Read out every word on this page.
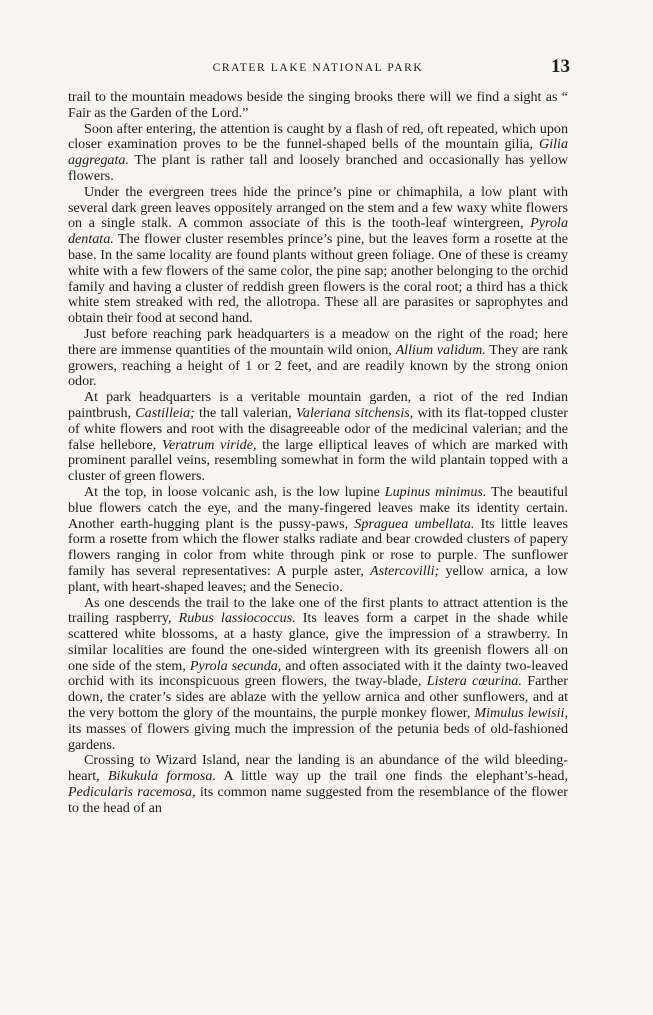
CRATER LAKE NATIONAL PARK	13

trail to the mountain meadows beside the singing brooks there will we find a sight as “ Fair as the Garden of the Lord.”

Soon after entering, the attention is caught by a flash of red, oft repeated, which upon closer examination proves to be the funnel-shaped bells of the mountain gilia, Gilia aggregata. The plant is rather tall and loosely branched and occasionally has yellow flowers.

Under the evergreen trees hide the prince’s pine or chimaphila, a low plant with several dark green leaves oppositely arranged on the stem and a few waxy white flowers on a single stalk. A common associate of this is the tooth-leaf wintergreen, Pyrola dentata. The flower cluster resembles prince’s pine, but the leaves form a rosette at the base. In the same locality are found plants without green foliage. One of these is creamy white with a few flowers of the same color, the pine sap; another belonging to the orchid family and having a cluster of reddish green flowers is the coral root; a third has a thick white stem streaked with red, the allotropa. These all are parasites or saprophytes and obtain their food at second hand.

Just before reaching park headquarters is a meadow on the right of the road; here there are immense quantities of the mountain wild onion, Allium validum. They are rank growers, reaching a height of 1 or 2 feet, and are readily known by the strong onion odor.

At park headquarters is a veritable mountain garden, a riot of the red Indian paintbrush, Castilleia; the tall valerian, Valeriana sitchensis, with its flat-topped cluster of white flowers and root with the disagreeable odor of the medicinal valerian; and the false hellebore, Veratrum viride, the large elliptical leaves of which are marked with prominent parallel veins, resembling somewhat in form the wild plantain topped with a cluster of green flowers.

At the top, in loose volcanic ash, is the low lupine Lupinus minimus. The beautiful blue flowers catch the eye, and the many-fingered leaves make its identity certain. Another earth-hugging plant is the pussy-paws, Spraguea umbellata. Its little leaves form a rosette from which the flower stalks radiate and bear crowded clusters of papery flowers ranging in color from white through pink or rose to purple. The sunflower family has several representatives: A purple aster, Astercovilli; yellow arnica, a low plant, with heart-shaped leaves; and the Senecio.

As one descends the trail to the lake one of the first plants to attract attention is the trailing raspberry, Rubus lassiococcus. Its leaves form a carpet in the shade while scattered white blossoms, at a hasty glance, give the impression of a strawberry. In similar localities are found the one-sided wintergreen with its greenish flowers all on one side of the stem, Pyrola secunda, and often associated with it the dainty two-leaved orchid with its inconspicuous green flowers, the tway-blade, Listera cœurina. Farther down, the crater’s sides are ablaze with the yellow arnica and other sunflowers, and at the very bottom the glory of the mountains, the purple monkey flower, Mimulus lewisii, its masses of flowers giving much the impression of the petunia beds of old-fashioned gardens.

Crossing to Wizard Island, near the landing is an abundance of the wild bleeding-heart, Bikukula formosa. A little way up the trail one finds the elephant’s-head, Pedicularis racemosa, its common name suggested from the resemblance of the flower to the head of an
